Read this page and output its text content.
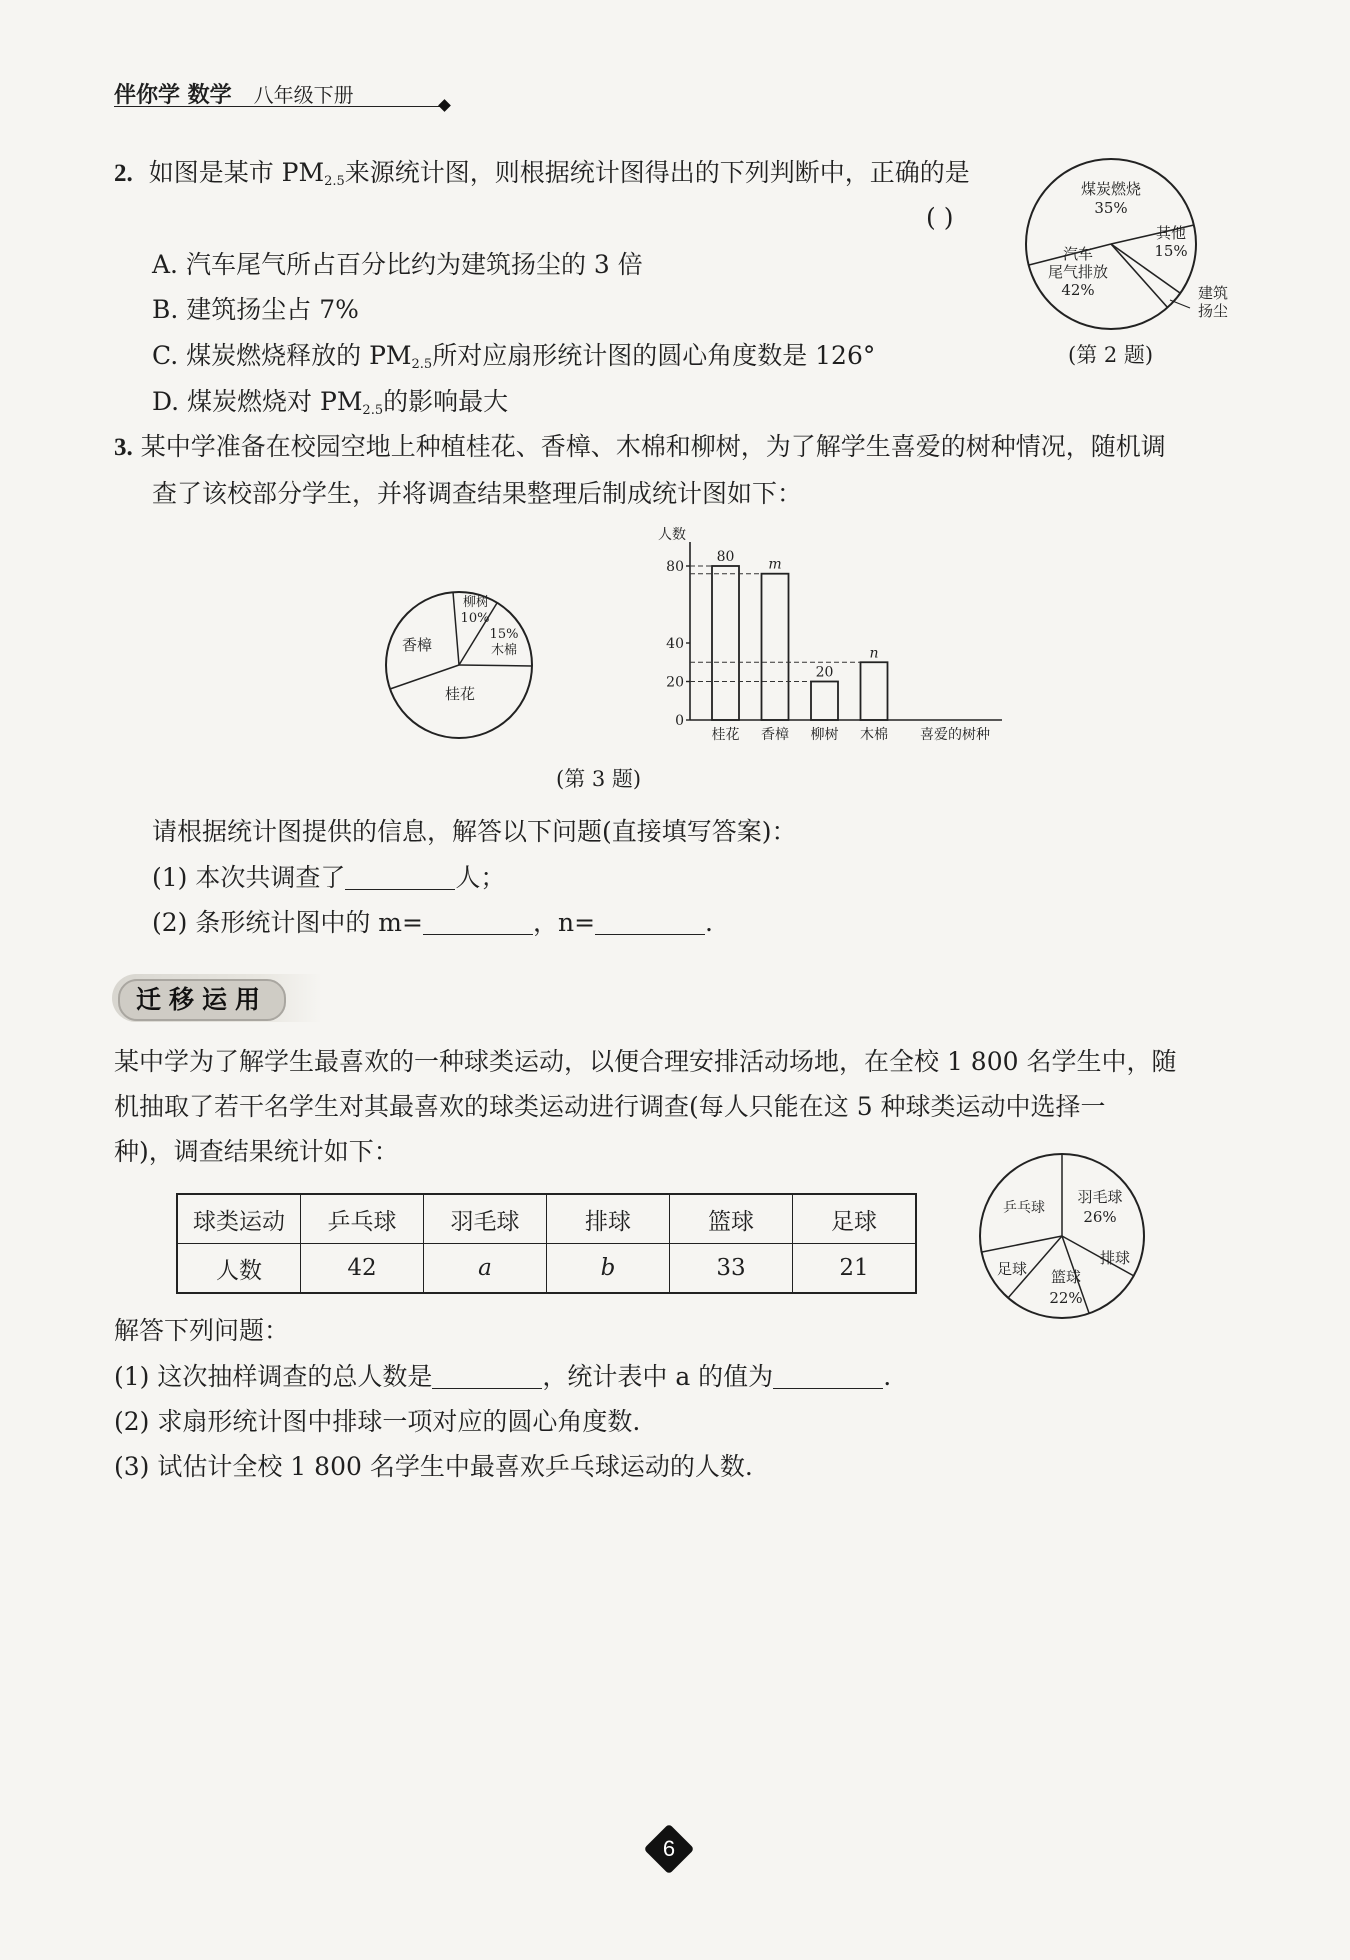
伴你学 数学 八年级下册
2. 如图是某市 $PM_{2.5}$来源统计图，则根据统计图得出的下列判断中，正确的是
( )
A. 汽车尾气所占百分比约为建筑扬尘的 3 倍
B. 建筑扬尘占 7%
C. 煤炭燃烧释放的 $PM_{2.5}$所对应扇形统计图的圆心角度数是 126°
D. 煤炭燃烧对 $PM_{2.5}$的影响最大
煤炭燃烧
35%
其他
15%
汽车
尾气排放
42%	建筑
扬尘
(第 2 题)
3. 某中学准备在校园空地上种植桂花、香樟、木棉和柳树，为了解学生喜爱的树种情况，随机调
查了该校部分学生，并将调查结果整理后制成统计图如下：
香樟
柳树
10%
15%
木棉
桂花
人数
喜爱的树种
0
20
40
80
80
桂花
m
香樟
20
柳树
n
木棉
(第 3 题)
请根据统计图提供的信息，解答以下问题(直接填写答案)：
(1) 本次共调查了	人；
(2) 条形统计图中的 m=	，n=	.
迁移运用
某中学为了解学生最喜欢的一种球类运动，以便合理安排活动场地，在全校 1 800 名学生中，随
机抽取了若干名学生对其最喜欢的球类运动进行调查(每人只能在这 5 种球类运动中选择一
种)，调查结果统计如下：
球类运动	乒乓球	羽毛球	排球	篮球	足球
人数	42	a	b	33	21
乒乓球
羽毛球
26%
排球
足球 篮球
22%
解答下列问题：
(1) 这次抽样调查的总人数是	，统计表中 a 的值为	.
(2) 求扇形统计图中排球一项对应的圆心角度数.
(3) 试估计全校 1 800 名学生中最喜欢乒乓球运动的人数.
6
